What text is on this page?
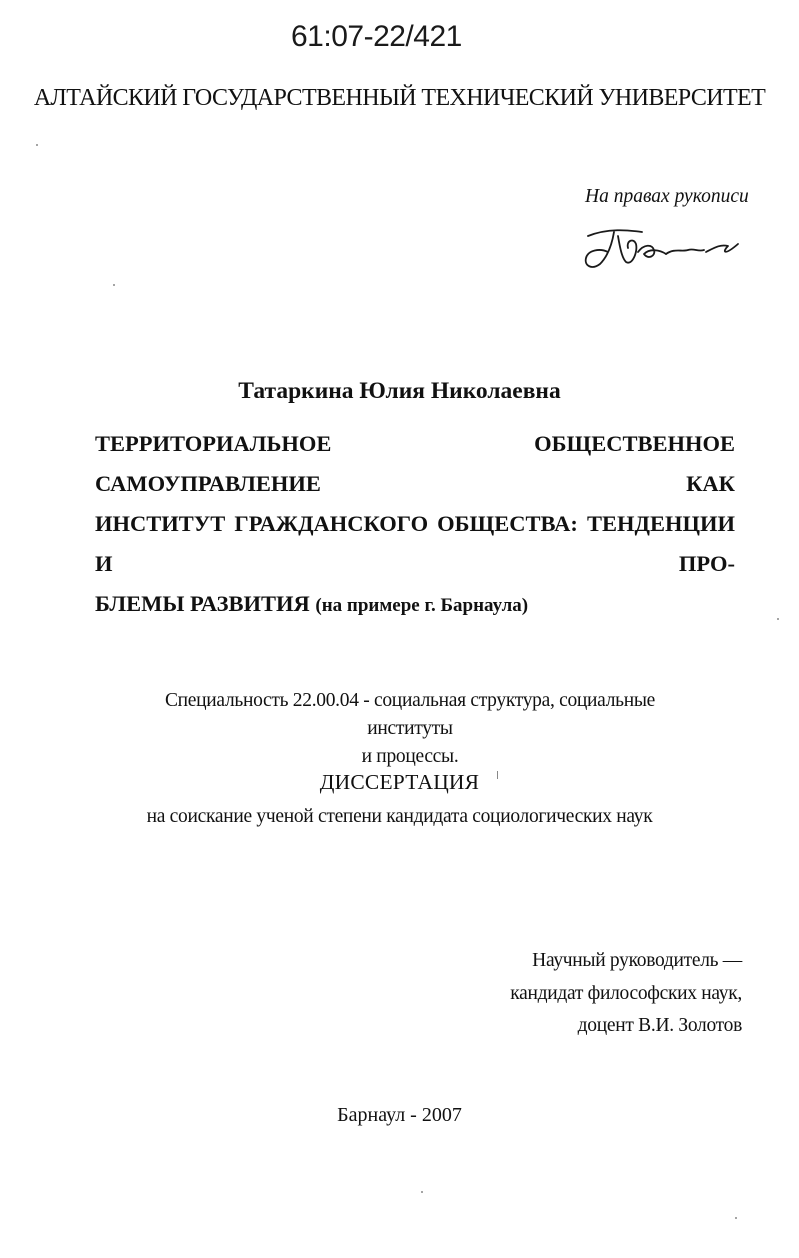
61:07-22/421
АЛТАЙСКИЙ ГОСУДАРСТВЕННЫЙ ТЕХНИЧЕСКИЙ УНИВЕРСИТЕТ
На правах рукописи
Татаркина Юлия Николаевна
ТЕРРИТОРИАЛЬНОЕ ОБЩЕСТВЕННОЕ САМОУПРАВЛЕНИЕ КАК
ИНСТИТУТ ГРАЖДАНСКОГО ОБЩЕСТВА: ТЕНДЕНЦИИ И ПРО-
БЛЕМЫ РАЗВИТИЯ (на примере г. Барнаула)
Специальность 22.00.04 - социальная структура, социальные институты
и процессы.
ДИССЕРТАЦИЯ
на соискание ученой степени кандидата социологических наук
Научный руководитель —
кандидат философских наук,
доцент В.И. Золотов
Барнаул - 2007
